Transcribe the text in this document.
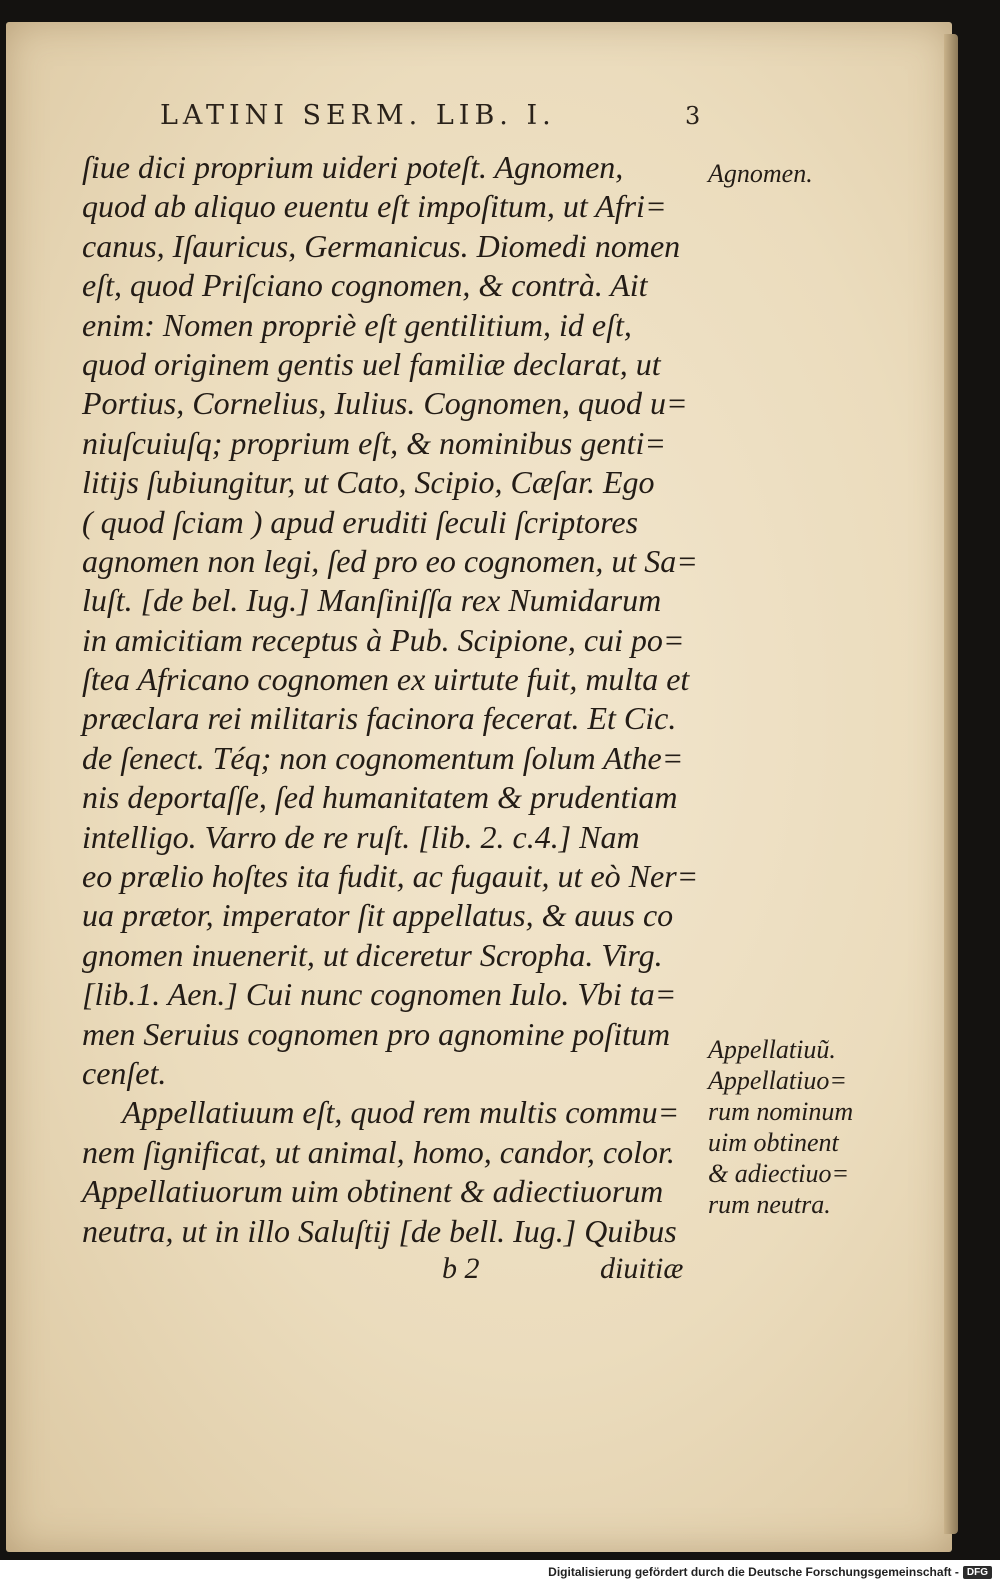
LATINI SERM. LIB. I.	3
ſiue dici proprium uideri poteſt. Agnomen,
quod ab aliquo euentu eſt impoſitum, ut Afri=
canus, Iſauricus, Germanicus. Diomedi nomen
eſt, quod Priſciano cognomen, & contrà. Ait
enim: Nomen propriè eſt gentilitium, id eſt,
quod originem gentis uel familiæ declarat, ut
Portius, Cornelius, Iulius. Cognomen, quod u=
niuſcuiuſq; proprium eſt, & nominibus genti=
litijs ſubiungitur, ut Cato, Scipio, Cæſar. Ego
( quod ſciam ) apud eruditi ſeculi ſcriptores
agnomen non legi, ſed pro eo cognomen, ut Sa=
luſt. [de bel. Iug.] Manſiniſſa rex Numidarum
in amicitiam receptus à Pub. Scipione, cui po=
ſtea Africano cognomen ex uirtute fuit, multa et
præclara rei militaris facinora fecerat. Et Cic.
de ſenect. Téq; non cognomentum ſolum Athe=
nis deportaſſe, ſed humanitatem & prudentiam
intelligo. Varro de re ruſt. [lib. 2. c.4.] Nam
eo prælio hoſtes ita fudit, ac fugauit, ut eò Ner=
ua prætor, imperator ſit appellatus, & auus co
gnomen inuenerit, ut diceretur Scropha. Virg.
[lib.1. Aen.] Cui nunc cognomen Iulo. Vbi ta=
men Seruius cognomen pro agnomine poſitum
cenſet.
Appellatiuum eſt, quod rem multis commu=
nem ſignificat, ut animal, homo, candor, color.
Appellatiuorum uim obtinent & adiectiuorum
neutra, ut in illo Saluſtij [de bell. Iug.] Quibus
b 2	diuitiæ
Agnomen.
Appellatiuũ.
Appellatiuo=
rum nominum
uim obtinent
& adiectiuo=
rum neutra.
Digitalisierung gefördert durch die Deutsche Forschungsgemeinschaft - DFG
